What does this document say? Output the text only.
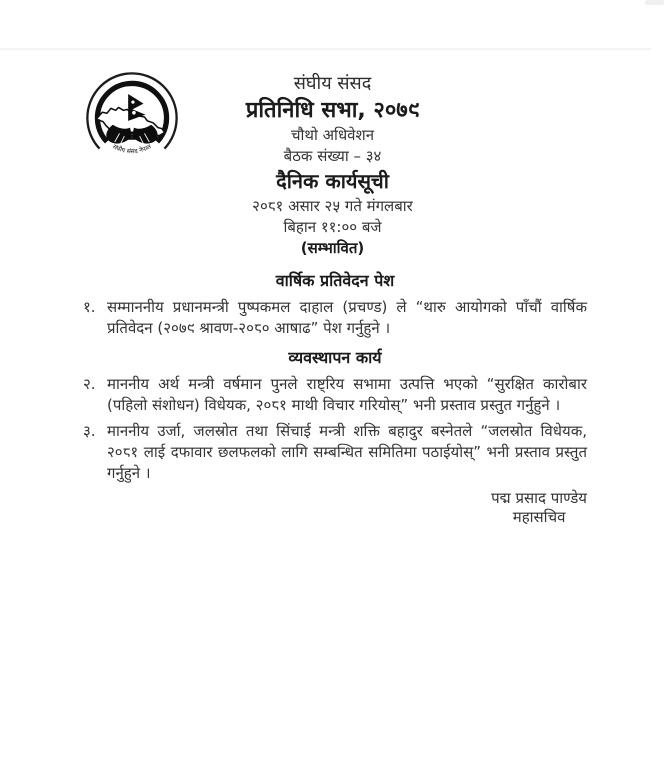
संघीय संसद नेपाल
संघीय संसद
प्रतिनिधि सभा, २०७९
चौथो अधिवेशन
बैठक संख्या – ३४
दैनिक कार्यसूची
२०८१ असार २५ गते मंगलबार
बिहान ११:०० बजे
(सम्भावित)
वार्षिक प्रतिवेदन पेश
१. सम्माननीय प्रधानमन्त्री पुष्पकमल दाहाल (प्रचण्ड) ले “थारु आयोगको पाँचौं वार्षिक प्रतिवेदन (२०७९ श्रावण-२०८० आषाढ” पेश गर्नुहुने ।
व्यवस्थापन कार्य
२. माननीय अर्थ मन्त्री वर्षमान पुनले राष्ट्रिय सभामा उत्पत्ति भएको “सुरक्षित कारोबार (पहिलो संशोधन) विधेयक, २०८१ माथी विचार गरियोस्” भनी प्रस्ताव प्रस्तुत गर्नुहुने ।
३. माननीय उर्जा, जलस्रोत तथा सिंचाई मन्त्री शक्ति बहादुर बस्नेतले “जलस्रोत विधेयक, २०८१ लाई दफावार छलफलको लागि सम्बन्धित समितिमा पठाईयोस्” भनी प्रस्ताव प्रस्तुत गर्नुहुने ।
पद्म प्रसाद पाण्डेय
महासचिव
